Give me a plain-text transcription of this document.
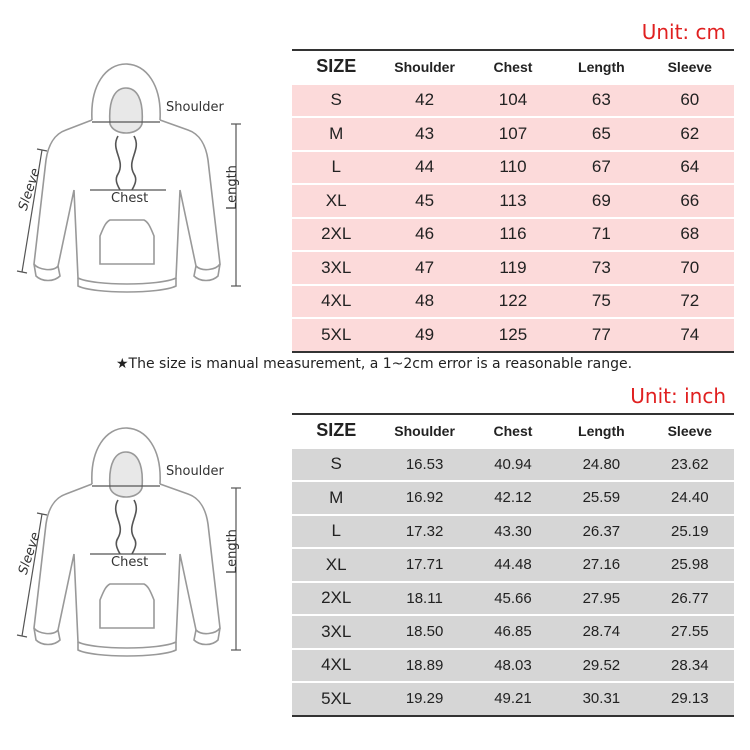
Unit: cm
Shoulder
Chest	Length
Sleeve
SIZE	Shoulder	Chest	Length	Sleeve
S	42	104	63	60
M	43	107	65	62
L	44	110	67	64
XL	45	113	69	66
2XL	46	116	71	68
3XL	47	119	73	70
4XL	48	122	75	72
5XL	49	125	77	74
★The size is manual measurement, a 1~2cm error is a reasonable range.
Unit: inch
Shoulder
Chest	Length
Sleeve
SIZE	Shoulder	Chest	Length	Sleeve
S	16.53	40.94	24.80	23.62
M	16.92	42.12	25.59	24.40
L	17.32	43.30	26.37	25.19
XL	17.71	44.48	27.16	25.98
2XL	18.11	45.66	27.95	26.77
3XL	18.50	46.85	28.74	27.55
4XL	18.89	48.03	29.52	28.34
5XL	19.29	49.21	30.31	29.13
